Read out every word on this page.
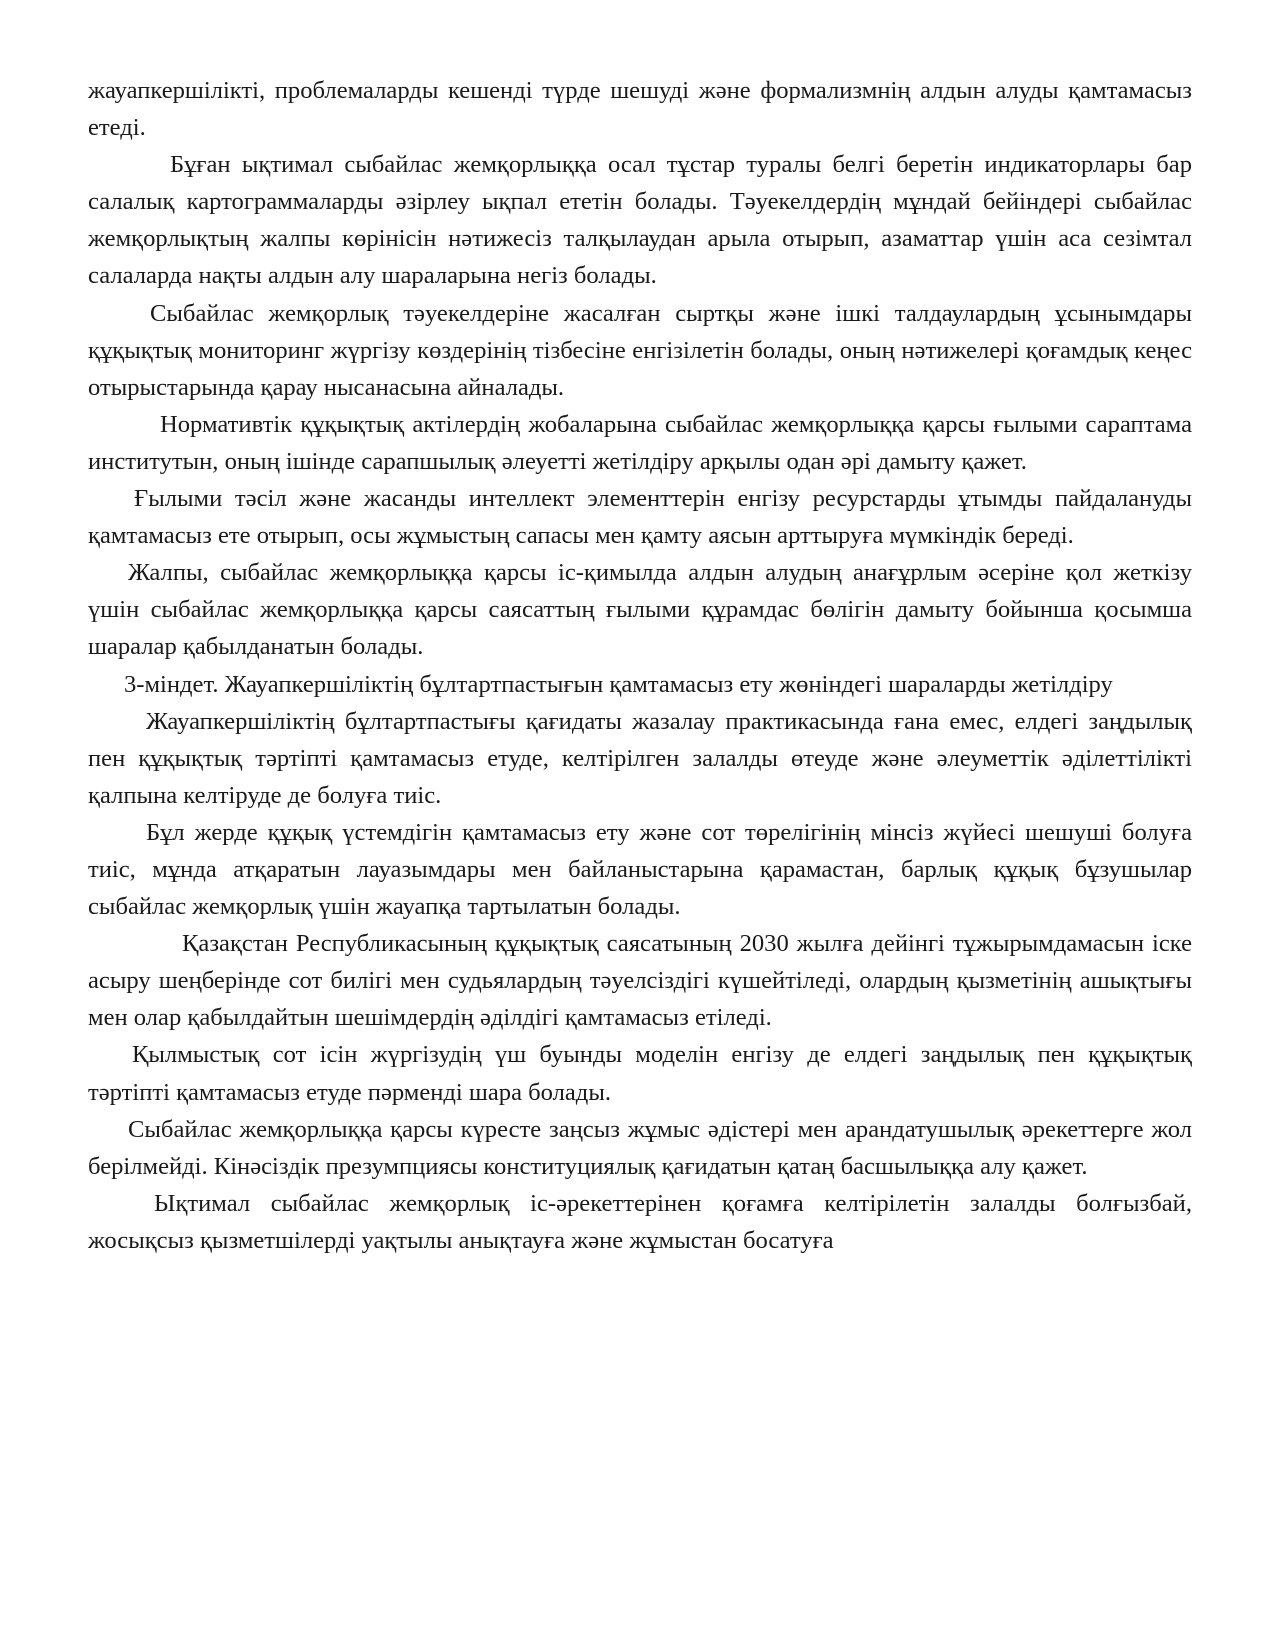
жауапкершілікті, проблемаларды кешенді түрде шешуді және формализмнің алдын алуды қамтамасыз етеді.

Бұған ықтимал сыбайлас жемқорлыққа осал тұстар туралы белгі беретін индикаторлары бар салалық картограммаларды әзірлеу ықпал ететін болады. Тәуекелдердің мұндай бейіндері сыбайлас жемқорлықтың жалпы көрінісін нәтижесіз талқылаудан арыла отырып, азаматтар үшін аса сезімтал салаларда нақты алдын алу шараларына негіз болады.

Сыбайлас жемқорлық тәуекелдеріне жасалған сыртқы және ішкі талдаулардың ұсынымдары құқықтық мониторинг жүргізу көздерінің тізбесіне енгізілетін болады, оның нәтижелері қоғамдық кеңес отырыстарында қарау нысанасына айналады.

Нормативтік құқықтық актілердің жобаларына сыбайлас жемқорлыққа қарсы ғылыми сараптама институтын, оның ішінде сарапшылық әлеуетті жетілдіру арқылы одан әрі дамыту қажет.

Ғылыми тәсіл және жасанды интеллект элементтерін енгізу ресурстарды ұтымды пайдалануды қамтамасыз ете отырып, осы жұмыстың сапасы мен қамту аясын арттыруға мүмкіндік береді.

Жалпы, сыбайлас жемқорлыққа қарсы іс-қимылда алдын алудың анағұрлым әсеріне қол жеткізу үшін сыбайлас жемқорлыққа қарсы саясаттың ғылыми құрамдас бөлігін дамыту бойынша қосымша шаралар қабылданатын болады.

3-міндет. Жауапкершіліктің бұлтартпастығын қамтамасыз ету жөніндегі шараларды жетілдіру

Жауапкершіліктің бұлтартпастығы қағидаты жазалау практикасында ғана емес, елдегі заңдылық пен құқықтық тәртіпті қамтамасыз етуде, келтірілген залалды өтеуде және әлеуметтік әділеттілікті қалпына келтіруде де болуға тиіс.

Бұл жерде құқық үстемдігін қамтамасыз ету және сот төрелігінің мінсіз жүйесі шешуші болуға тиіс, мұнда атқаратын лауазымдары мен байланыстарына қарамастан, барлық құқық бұзушылар сыбайлас жемқорлық үшін жауапқа тартылатын болады.

Қазақстан Республикасының құқықтық саясатының 2030 жылға дейінгі тұжырымдамасын іске асыру шеңберінде сот билігі мен судьялардың тәуелсіздігі күшейтіледі, олардың қызметінің ашықтығы мен олар қабылдайтын шешімдердің әділдігі қамтамасыз етіледі.

Қылмыстық сот ісін жүргізудің үш буынды моделін енгізу де елдегі заңдылық пен құқықтық тәртіпті қамтамасыз етуде пәрменді шара болады.

Сыбайлас жемқорлыққа қарсы күресте заңсыз жұмыс әдістері мен арандатушылық әрекеттерге жол берілмейді. Кінәсіздік презумпциясы конституциялық қағидатын қатаң басшылыққа алу қажет.

Ықтимал сыбайлас жемқорлық іс-әрекеттерінен қоғамға келтірілетін залалды болғызбай, жосықсыз қызметшілерді уақтылы анықтауға және жұмыстан босатуға
